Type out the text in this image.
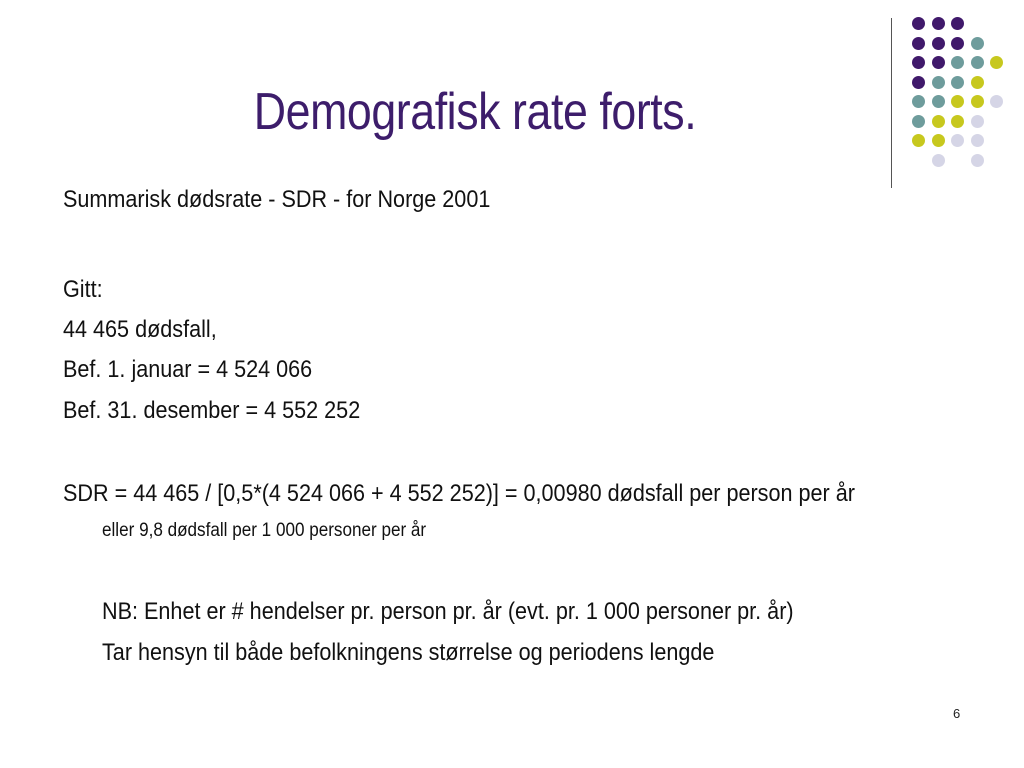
Demografisk rate forts.
Summarisk dødsrate - SDR - for Norge 2001
Gitt:
44 465 dødsfall,
Bef. 1. januar = 4 524 066
Bef. 31. desember = 4 552 252
SDR = 44 465 / [0,5*(4 524 066 + 4 552 252)] = 0,00980 dødsfall per person per år
eller 9,8 dødsfall per 1 000 personer per år
NB: Enhet er # hendelser pr. person pr. år (evt. pr. 1 000 personer pr. år)
Tar hensyn til både befolkningens størrelse og periodens lengde
6
